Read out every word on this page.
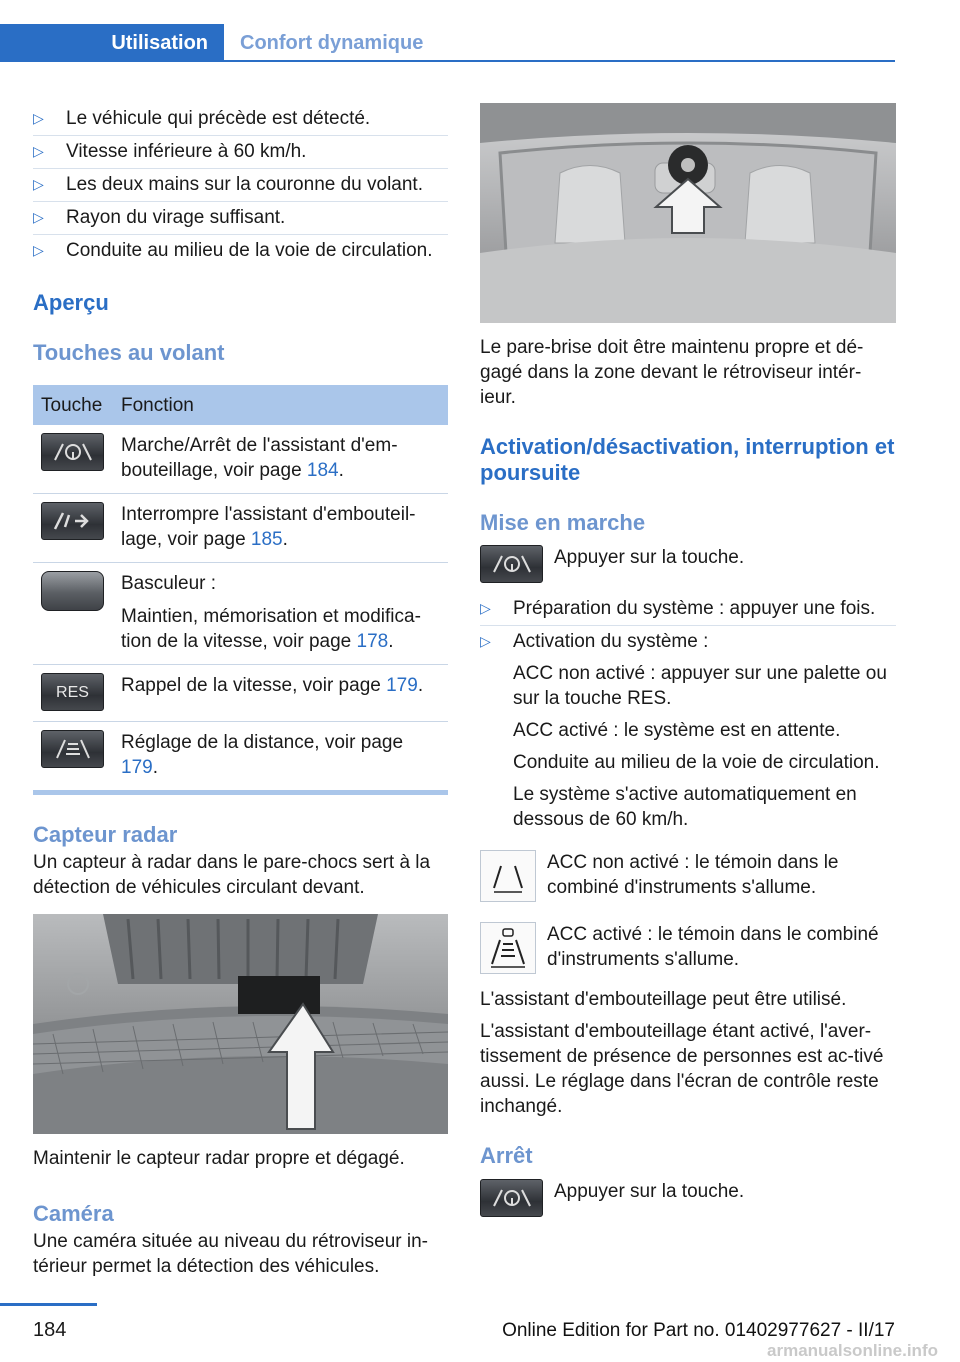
Utilisation	Confort dynamique
▷	Le véhicule qui précède est détecté.
▷	Vitesse inférieure à 60 km/h.
▷	Les deux mains sur la couronne du volant.
▷	Rayon du virage suffisant.
▷	Conduite au milieu de la voie de circulation.
Aperçu
Touches au volant
Touche	Fonction

	Marche/Arrêt de l'assistant d'em-bouteillage, voir page 184.

	Interrompre l'assistant d'embouteil-lage, voir page 185.

	Basculeur :

Maintien, mémorisation et modifica-tion de la vitesse, voir page 178.

RES	Rappel de la vitesse, voir page 179.

	Réglage de la distance, voir page 179.
Capteur radar

Un capteur à radar dans le pare-chocs sert à la détection de véhicules circulant devant.

Maintenir le capteur radar propre et dégagé.

Caméra

Une caméra située au niveau du rétroviseur in-térieur permet la détection des véhicules.

Le pare-brise doit être maintenu propre et dé-gagé dans la zone devant le rétroviseur intér-ieur.

Activation/désactivation, interruption et poursuite
Mise en marche

Appuyer sur la touche.

▷	Préparation du système : appuyer une fois.
▷	Activation du système :

ACC non activé : appuyer sur une palette ou sur la touche RES.

ACC activé : le système est en attente.

Conduite au milieu de la voie de circulation.

Le système s'active automatiquement en dessous de 60 km/h.

ACC non activé : le témoin dans le combiné d'instruments s'allume.

ACC activé : le témoin dans le combiné d'instruments s'allume.

L'assistant d'embouteillage peut être utilisé.

L'assistant d'embouteillage étant activé, l'aver-tissement de présence de personnes est ac-tivé aussi. Le réglage dans l'écran de contrôle reste inchangé.

Arrêt

Appuyer sur la touche.

184	Online Edition for Part no. 01402977627 - II/17
armanualsonline.info
